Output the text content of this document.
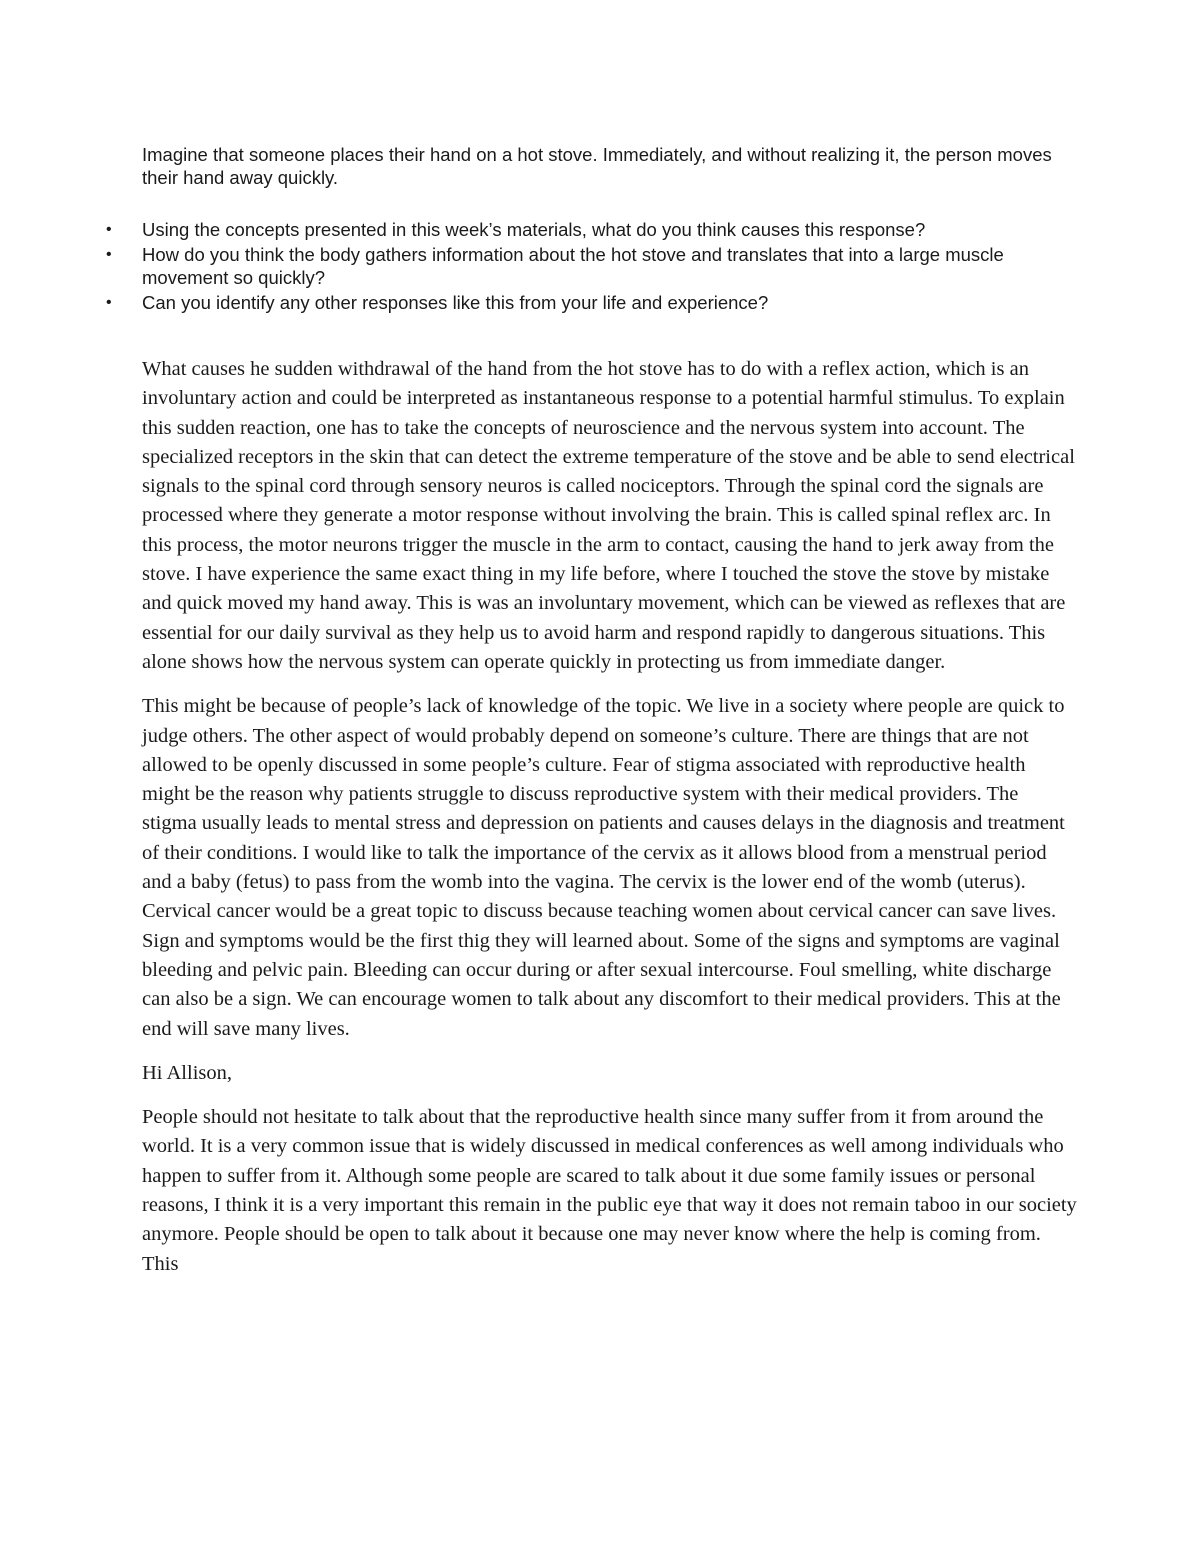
Imagine that someone places their hand on a hot stove. Immediately, and without realizing it, the person moves their hand away quickly.

•	Using the concepts presented in this week’s materials, what do you think causes this response?
•	How do you think the body gathers information about the hot stove and translates that into a large muscle movement so quickly?
•	Can you identify any other responses like this from your life and experience?

What causes he sudden withdrawal of the hand from the hot stove has to do with a reflex action, which is an involuntary action and could be interpreted as instantaneous response to a potential harmful stimulus. To explain this sudden reaction, one has to take the concepts of neuroscience and the nervous system into account. The specialized receptors in the skin that can detect the extreme temperature of the stove and be able to send electrical signals to the spinal cord through sensory neuros is called nociceptors. Through the spinal cord the signals are processed where they generate a motor response without involving the brain. This is called spinal reflex arc. In this process, the motor neurons trigger the muscle in the arm to contact, causing the hand to jerk away from the stove. I have experience the same exact thing in my life before, where I touched the stove the stove by mistake and quick moved my hand away. This is was an involuntary movement, which can be viewed as reflexes that are essential for our daily survival as they help us to avoid harm and respond rapidly to dangerous situations. This alone shows how the nervous system can operate quickly in protecting us from immediate danger.

This might be because of people’s lack of knowledge of the topic. We live in a society where people are quick to judge others. The other aspect of would probably depend on someone’s culture. There are things that are not allowed to be openly discussed in some people’s culture. Fear of stigma associated with reproductive health might be the reason why patients struggle to discuss reproductive system with their medical providers. The stigma usually leads to mental stress and depression on patients and causes delays in the diagnosis and treatment of their conditions. I would like to talk the importance of the cervix as it allows blood from a menstrual period and a baby (fetus) to pass from the womb into the vagina. The cervix is the lower end of the womb (uterus). Cervical cancer would be a great topic to discuss because teaching women about cervical cancer can save lives. Sign and symptoms would be the first thig they will learned about. Some of the signs and symptoms are vaginal bleeding and pelvic pain. Bleeding can occur during or after sexual intercourse. Foul smelling, white discharge can also be a sign. We can encourage women to talk about any discomfort to their medical providers. This at the end will save many lives.

Hi Allison,

People should not hesitate to talk about that the reproductive health since many suffer from it from around the world. It is a very common issue that is widely discussed in medical conferences as well among individuals who happen to suffer from it. Although some people are scared to talk about it due some family issues or personal reasons, I think it is a very important this remain in the public eye that way it does not remain taboo in our society anymore. People should be open to talk about it because one may never know where the help is coming from. This
